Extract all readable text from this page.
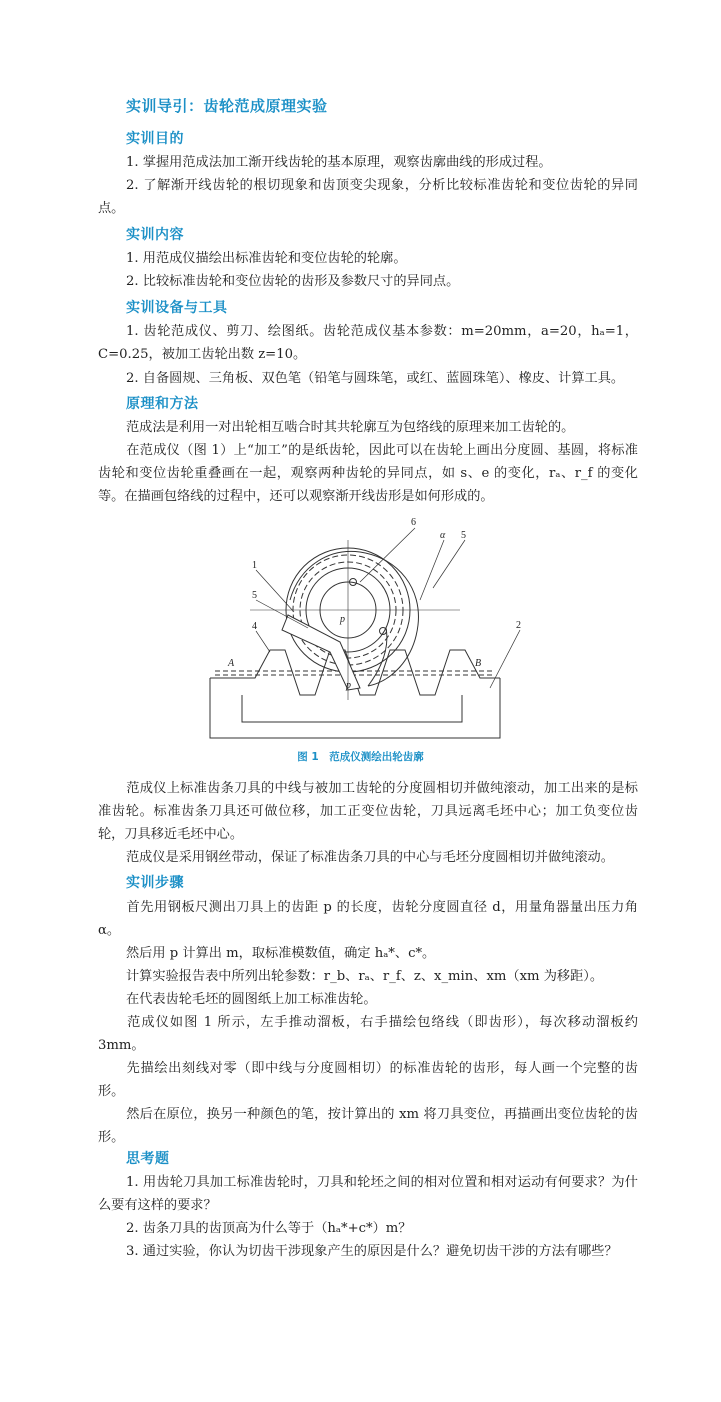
实训导引：齿轮范成原理实验
实训目的
1. 掌握用范成法加工渐开线齿轮的基本原理，观察齿廓曲线的形成过程。
2. 了解渐开线齿轮的根切现象和齿顶变尖现象，分析比较标准齿轮和变位齿轮的异同点。
实训内容
1. 用范成仪描绘出标准齿轮和变位齿轮的轮廓。
2. 比较标准齿轮和变位齿轮的齿形及参数尺寸的异同点。
实训设备与工具
1. 齿轮范成仪、剪刀、绘图纸。齿轮范成仪基本参数：m=20mm，a=20，hₐ=1，C=0.25，被加工齿轮出数 z=10。
2. 自备圆规、三角板、双色笔（铅笔与圆珠笔，或红、蓝圆珠笔）、橡皮、计算工具。
原理和方法
范成法是利用一对出轮相互啮合时其共轮廓互为包络线的原理来加工齿轮的。
在范成仪（图 1）上“加工”的是纸齿轮，因此可以在齿轮上画出分度圆、基圆，将标准齿轮和变位齿轮重叠画在一起，观察两种齿轮的异同点，如 s、e 的变化，rₐ、r_f 的变化等。在描画包络线的过程中，还可以观察渐开线齿形是如何形成的。
1
5
4
6
α 5
2
p
p
A	B
图 1　范成仪测绘出轮齿廓
范成仪上标准齿条刀具的中线与被加工齿轮的分度圆相切并做纯滚动，加工出来的是标准齿轮。标准齿条刀具还可做位移，加工正变位齿轮，刀具远离毛坯中心；加工负变位齿轮，刀具移近毛坯中心。
范成仪是采用钢丝带动，保证了标准齿条刀具的中心与毛坯分度圆相切并做纯滚动。
实训步骤
首先用钢板尺测出刀具上的齿距 p 的长度，齿轮分度圆直径 d，用量角器量出压力角 α。
然后用 p 计算出 m，取标准模数值，确定 hₐ*、c*。
计算实验报告表中所列出轮参数：r_b、rₐ、r_f、z、x_min、xm（xm 为移距）。
在代表齿轮毛坯的圆图纸上加工标准齿轮。
范成仪如图 1 所示，左手推动溜板，右手描绘包络线（即齿形），每次移动溜板约 3mm。
先描绘出刻线对零（即中线与分度圆相切）的标准齿轮的齿形，每人画一个完整的齿形。
然后在原位，换另一种颜色的笔，按计算出的 xm 将刀具变位，再描画出变位齿轮的齿形。
思考题
1. 用齿轮刀具加工标准齿轮时，刀具和轮坯之间的相对位置和相对运动有何要求？为什么要有这样的要求？
2. 齿条刀具的齿顶高为什么等于（hₐ*+c*）m？
3. 通过实验，你认为切齿干涉现象产生的原因是什么？避免切齿干涉的方法有哪些？
